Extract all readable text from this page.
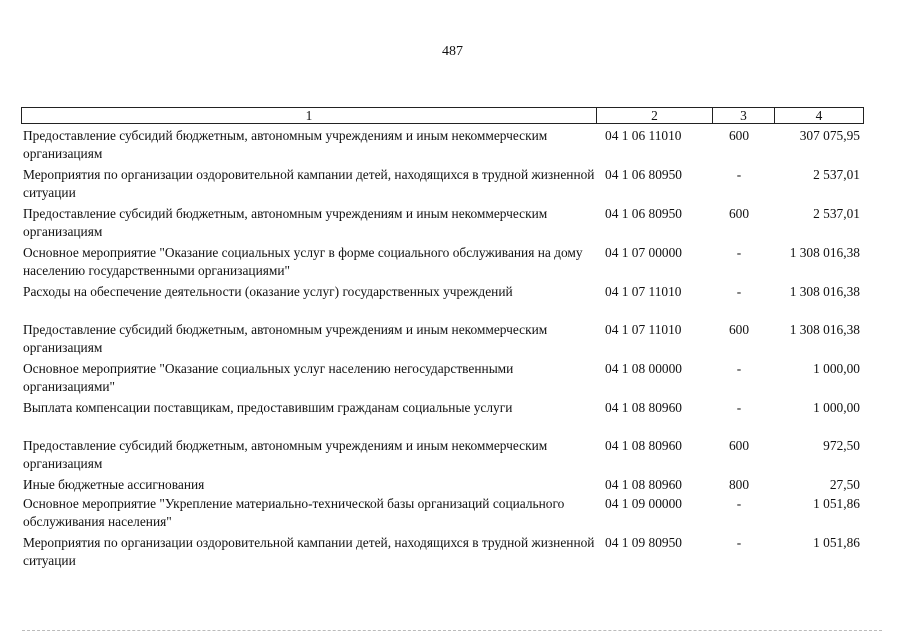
487
1	2	3	4
Предоставление субсидий бюджетным, автономным учреждениям и иным некоммерческим организациям
04 1 06 11010	600	307 075,95
Мероприятия по организации оздоровительной кампании детей, находящихся в трудной жизненной ситуации
04 1 06 80950	-	2 537,01
Предоставление субсидий бюджетным, автономным учреждениям и иным некоммерческим организациям
04 1 06 80950	600	2 537,01
Основное мероприятие "Оказание социальных услуг в форме социального обслуживания на дому населению государственными организациями"
04 1 07 00000	-	1 308 016,38
Расходы на обеспечение деятельности (оказание услуг) государственных учреждений	04 1 07 11010	-	1 308 016,38
Предоставление субсидий бюджетным, автономным учреждениям и иным некоммерческим организациям
04 1 07 11010	600	1 308 016,38
Основное мероприятие "Оказание социальных услуг населению негосударственными организациями"
04 1 08 00000	-	1 000,00
Выплата компенсации поставщикам, предоставившим гражданам социальные услуги	04 1 08 80960	-	1 000,00
Предоставление субсидий бюджетным, автономным учреждениям и иным некоммерческим организациям
04 1 08 80960	600	972,50
Иные бюджетные ассигнования	04 1 08 80960	800	27,50
Основное мероприятие "Укрепление материально-технической базы организаций социального обслуживания населения"
04 1 09 00000	-	1 051,86
Мероприятия по организации оздоровительной кампании детей, находящихся в трудной жизненной ситуации
04 1 09 80950	-	1 051,86
